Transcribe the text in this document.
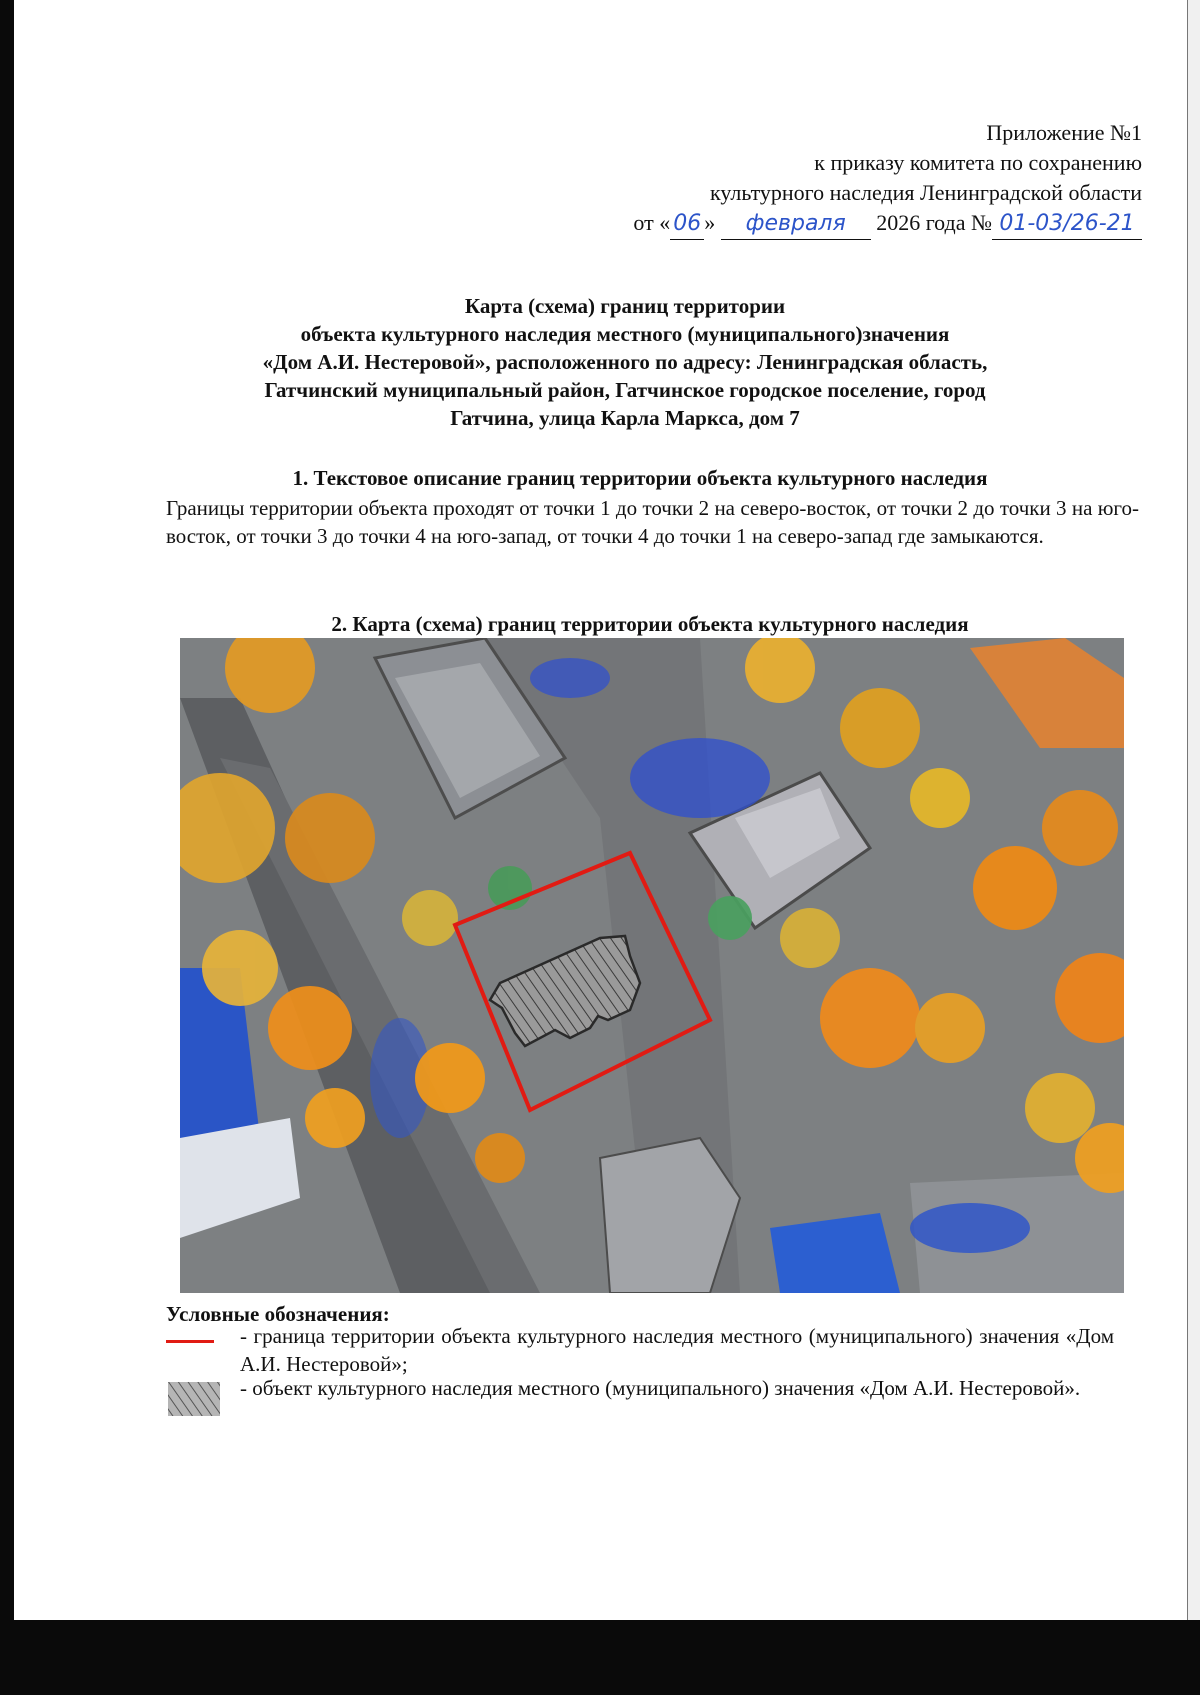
Приложение №1
к приказу комитета по сохранению
культурного наследия Ленинградской области
от « 06 » февраля 2026 года № 01-03/26-21
Карта (схема) границ территории
объекта культурного наследия местного (муниципального)значения
«Дом А.И. Нестеровой», расположенного по адресу: Ленинградская область,
Гатчинский муниципальный район, Гатчинское городское поселение, город
Гатчина, улица Карла Маркса, дом 7
1. Текстовое описание границ территории объекта культурного наследия
Границы территории объекта проходят от точки 1 до точки 2 на северо-восток, от точки 2 до точки 3 на юго-восток, от точки 3 до точки 4 на юго-запад, от точки 4 до точки 1 на северо-запад где замыкаются.
2. Карта (схема) границ территории объекта культурного наследия
Условные обозначения:
- граница территории объекта культурного наследия местного (муниципального) значения «Дом А.И. Нестеровой»;
- объект культурного наследия местного (муниципального) значения «Дом А.И. Нестеровой».
